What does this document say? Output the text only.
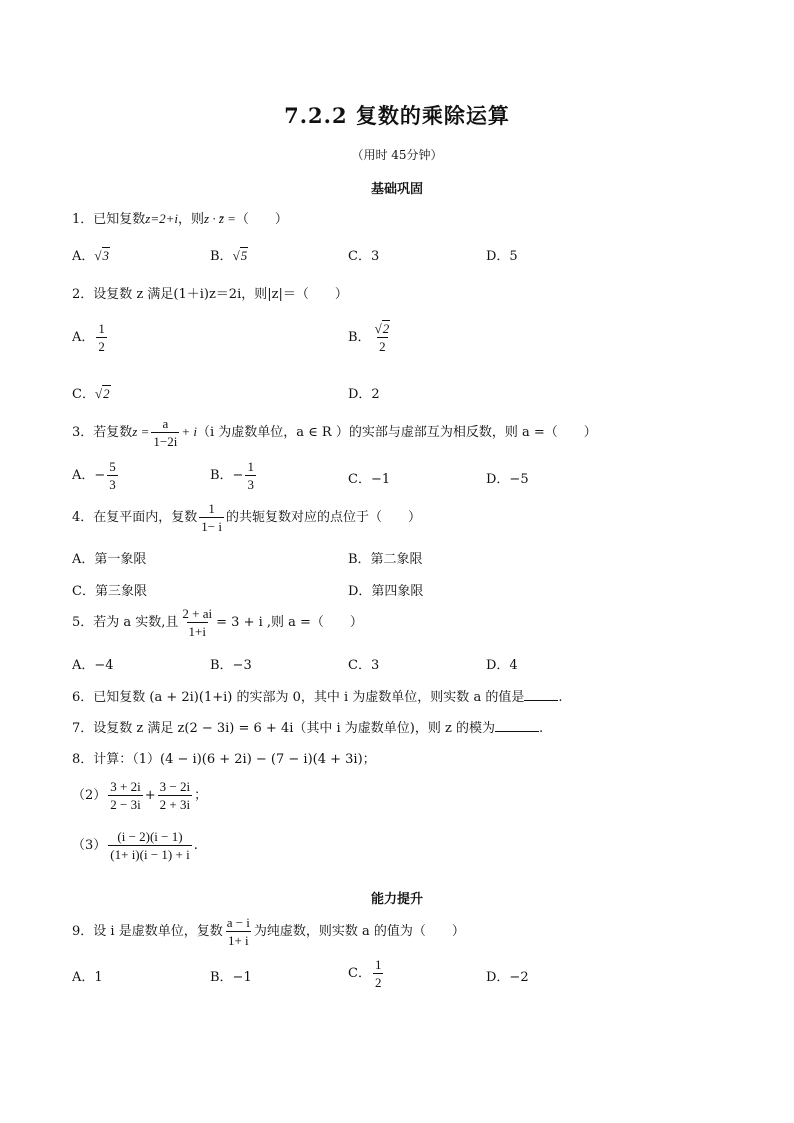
7.2.2 复数的乘除运算
（用时 45分钟）
基础巩固
1．已知复数z=2+i，则z · z̄ =（　　）
A．√3	B．√5	C．3	D．5
2．设复数 z 满足(1＋i)z＝2i，则|z|＝（　　）
A． $\frac{1}{2}$	B． $\frac{√2}{2}$
C．√2	D．2
3．若复数$z = \frac{a}{1-2i} + i(i$ 为虚数单位，a ∈ R ）的实部与虚部互为相反数，则 a =（　　）
A．− $\frac{5}{3}$	B．− $\frac{1}{3}$	C．−1	D．−5
4．在复平面内，复数 $\frac{1}{1- i}$ 的共轭复数对应的点位于（　　）
A．第一象限	B．第二象限
C．第三象限	D．第四象限
5．若为 a 实数,且 $\frac{2 + ai}{1+i} = 3 + i$ ,则 a =（　　）
A．−4	B．−3	C．3	D．4
6．已知复数 (a + 2i)(1+i) 的实部为 0，其中 i 为虚数单位，则实数 a 的值是	.
7．设复数 z 满足 z(2 − 3i) = 6 + 4i（其中 i 为虚数单位)，则 z 的模为	.
8．计算：（1）(4 − i)(6 + 2i) − (7 − i)(4 + 3i)；
$(2) \frac{3 + 2i}{2 - 3i} + \frac{3 - 2i}{2 + 3i}$ ；
$(3) \frac{(i - 2)(i - 1)}{(1+ i)(i - 1) + i}$ .
能力提升
9．设 i 是虚数单位，复数 $\frac{a - i}{1+ i}$ 为纯虚数，则实数 a 的值为（　　）
A．1	B．−1	C． $\frac{1}{2}$	D．−2
